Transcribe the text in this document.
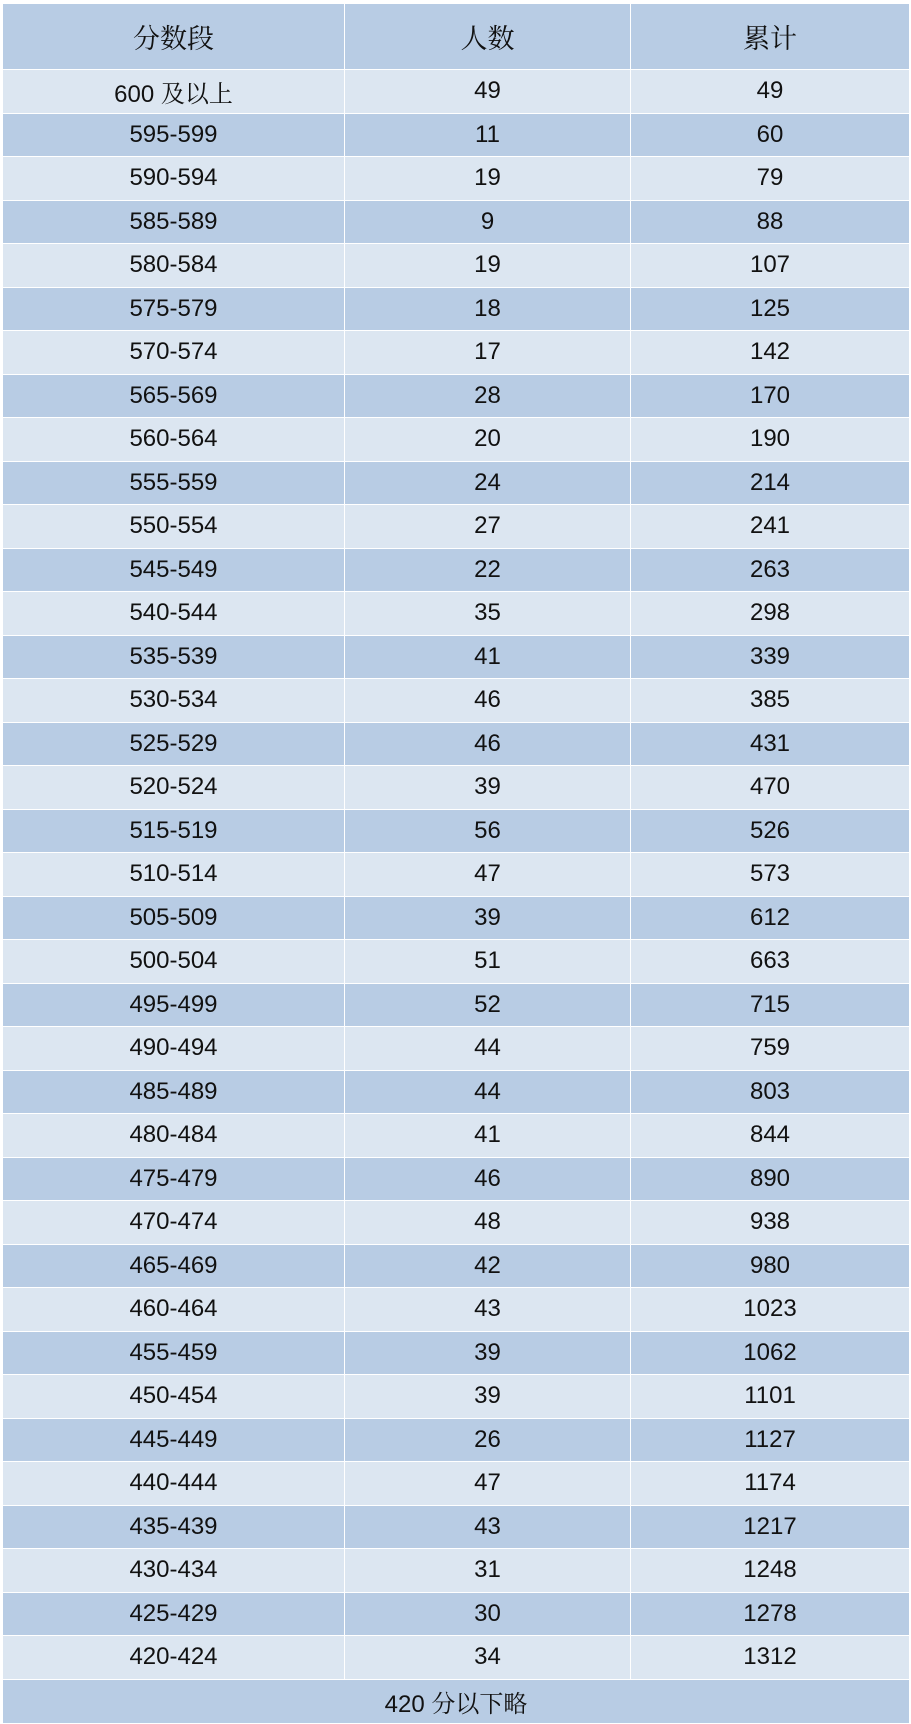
分数段	人数	累计
600 及以上	49	49
595-599	11	60
590-594	19	79
585-589	9	88
580-584	19	107
575-579	18	125
570-574	17	142
565-569	28	170
560-564	20	190
555-559	24	214
550-554	27	241
545-549	22	263
540-544	35	298
535-539	41	339
530-534	46	385
525-529	46	431
520-524	39	470
515-519	56	526
510-514	47	573
505-509	39	612
500-504	51	663
495-499	52	715
490-494	44	759
485-489	44	803
480-484	41	844
475-479	46	890
470-474	48	938
465-469	42	980
460-464	43	1023
455-459	39	1062
450-454	39	1101
445-449	26	1127
440-444	47	1174
435-439	43	1217
430-434	31	1248
425-429	30	1278
420-424	34	1312
420 分以下略		
